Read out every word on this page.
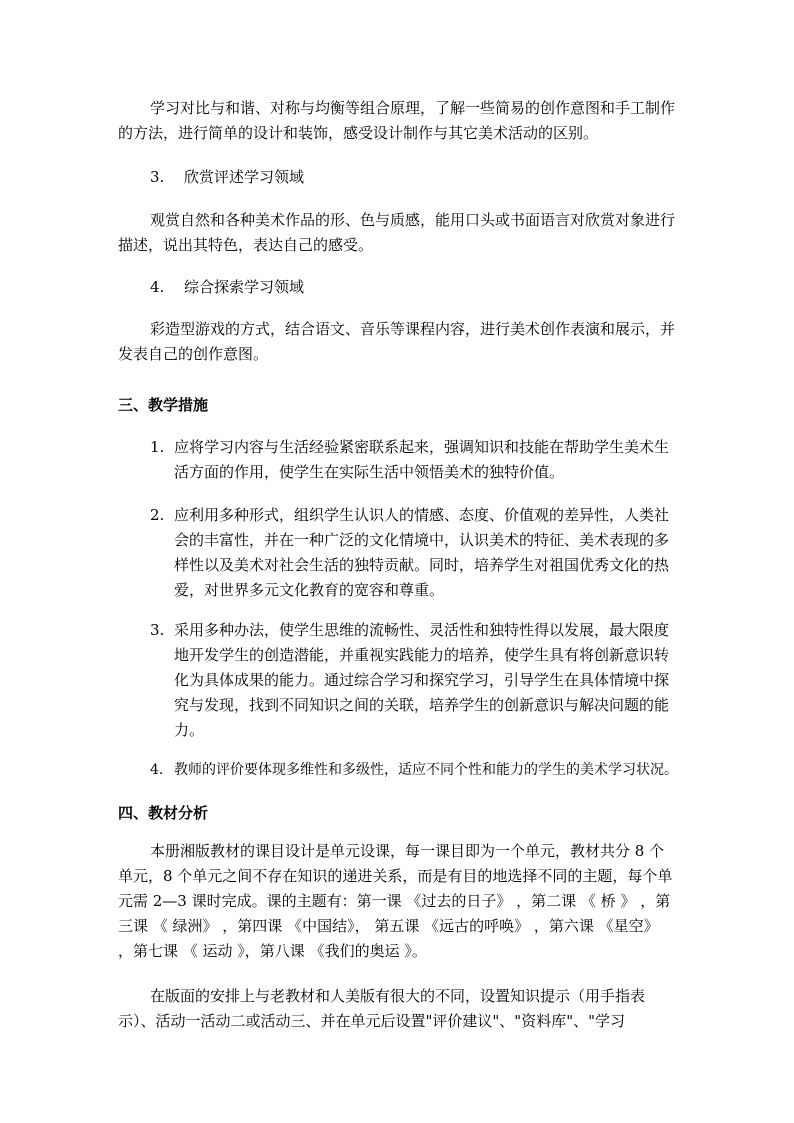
学习对比与和谐、对称与均衡等组合原理，了解一些简易的创作意图和手工制作的方法，进行简单的设计和装饰，感受设计制作与其它美术活动的区别。

3. 欣赏评述学习领域

观赏自然和各种美术作品的形、色与质感，能用口头或书面语言对欣赏对象进行描述，说出其特色，表达自己的感受。

4. 综合探索学习领域

彩造型游戏的方式，结合语文、音乐等课程内容，进行美术创作表演和展示，并发表自己的创作意图。

三、教学措施

1. 应将学习内容与生活经验紧密联系起来，强调知识和技能在帮助学生美术生活方面的作用，使学生在实际生活中领悟美术的独特价值。
2. 应利用多种形式，组织学生认识人的情感、态度、价值观的差异性，人类社会的丰富性，并在一种广泛的文化情境中，认识美术的特征、美术表现的多样性以及美术对社会生活的独特贡献。同时，培养学生对祖国优秀文化的热爱，对世界多元文化教育的宽容和尊重。
3. 采用多种办法，使学生思维的流畅性、灵活性和独特性得以发展，最大限度地开发学生的创造潜能，并重视实践能力的培养，使学生具有将创新意识转化为具体成果的能力。通过综合学习和探究学习，引导学生在具体情境中探究与发现，找到不同知识之间的关联，培养学生的创新意识与解决问题的能力。
4. 教师的评价要体现多维性和多级性，适应不同个性和能力的学生的美术学习状况。

四、教材分析

本册湘版教材的课目设计是单元设课，每一课目即为一个单元，教材共分 8 个单元，8 个单元之间不存在知识的递进关系，而是有目的地选择不同的主题，每个单元需 2—3 课时完成。课的主题有：第一课 《过去的日子》 ，第二课 《 桥 》 ，第三课 《 绿洲》 ，第四课 《中国结》， 第五课 《远古的呼唤》 ，第六课 《星空》 ，第七课 《 运动 》，第八课 《我们的奥运 》。

在版面的安排上与老教材和人美版有很大的不同，设置知识提示（用手指表示）、活动一活动二或活动三、并在单元后设置"评价建议"、"资料库"、"学习
